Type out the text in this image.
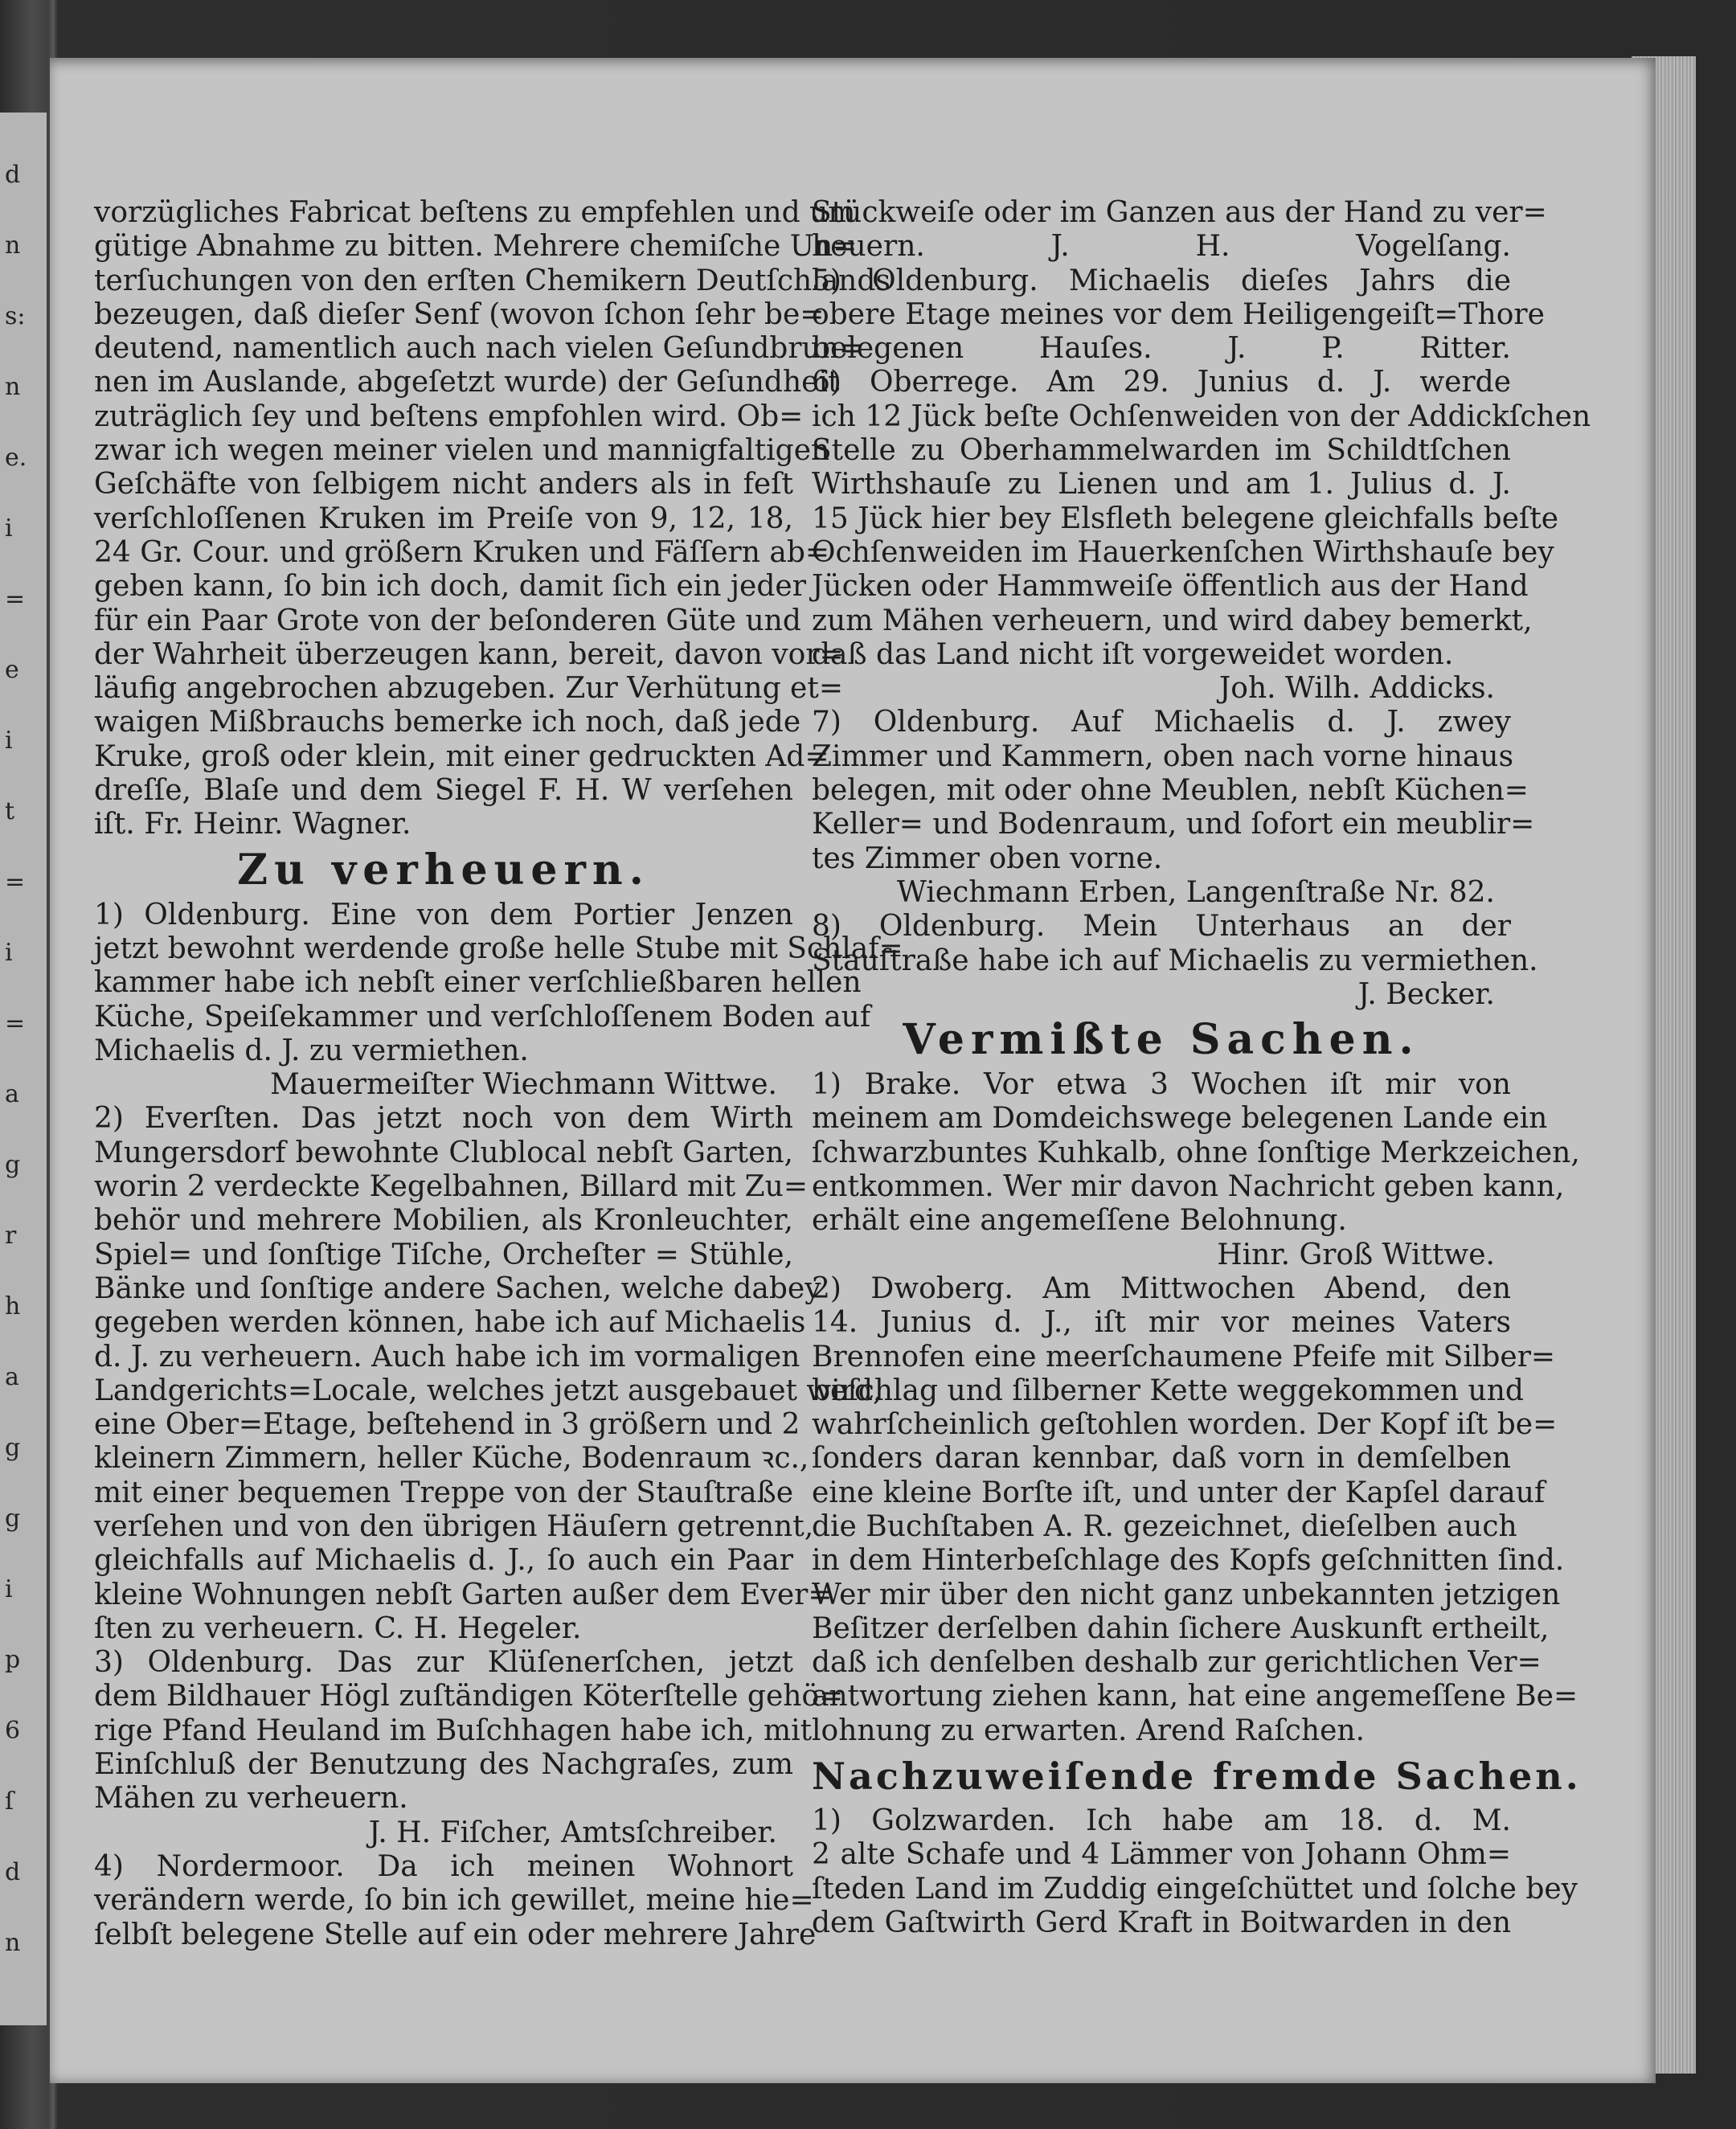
d
n
s:
n
e.
i
=
e
i
t
=
i
=
a
g
r
h
a
g
g
i
p
6
ſ
d
n
vorzügliches Fabricat beſtens zu empfehlen und um
gütige Abnahme zu bitten. Mehrere chemiſche Un=
terſuchungen von den erſten Chemikern Deutſchlands
bezeugen, daß dieſer Senf (wovon ſchon ſehr be=
deutend, namentlich auch nach vielen Geſundbrun=
nen im Auslande, abgeſetzt wurde) der Geſundheit
zuträglich ſey und beſtens empfohlen wird. Ob=
zwar ich wegen meiner vielen und mannigfaltigen
Geſchäfte von ſelbigem nicht anders als in feſt
verſchloſſenen Kruken im Preiſe von 9, 12, 18,
24 Gr. Cour. und größern Kruken und Fäſſern ab=
geben kann, ſo bin ich doch, damit ſich ein jeder
für ein Paar Grote von der beſonderen Güte und
der Wahrheit überzeugen kann, bereit, davon vor=
läufig angebrochen abzugeben. Zur Verhütung et=
waigen Mißbrauchs bemerke ich noch, daß jede
Kruke, groß oder klein, mit einer gedruckten Ad=
dreſſe, Blaſe und dem Siegel F. H. W verſehen
iſt. Fr. Heinr. Wagner.
Zu verheuern.
1) Oldenburg. Eine von dem Portier Jenzen
jetzt bewohnt werdende große helle Stube mit Schlaf=
kammer habe ich nebſt einer verſchließbaren hellen
Küche, Speiſekammer und verſchloſſenem Boden auf
Michaelis d. J. zu vermiethen.
Mauermeiſter Wiechmann Wittwe.
2) Everſten. Das jetzt noch von dem Wirth
Mungersdorf bewohnte Clublocal nebſt Garten,
worin 2 verdeckte Kegelbahnen, Billard mit Zu=
behör und mehrere Mobilien, als Kronleuchter,
Spiel= und ſonſtige Tiſche, Orcheſter = Stühle,
Bänke und ſonſtige andere Sachen, welche dabey
gegeben werden können, habe ich auf Michaelis
d. J. zu verheuern. Auch habe ich im vormaligen
Landgerichts=Locale, welches jetzt ausgebauet wird,
eine Ober=Etage, beſtehend in 3 größern und 2
kleinern Zimmern, heller Küche, Bodenraum ꝛc.,
mit einer bequemen Treppe von der Stauſtraße
verſehen und von den übrigen Häuſern getrennt,
gleichfalls auf Michaelis d. J., ſo auch ein Paar
kleine Wohnungen nebſt Garten außer dem Ever=
ſten zu verheuern. C. H. Hegeler.
3) Oldenburg. Das zur Klüſenerſchen, jetzt
dem Bildhauer Högl zuſtändigen Köterſtelle gehö=
rige Pfand Heuland im Buſchhagen habe ich, mit
Einſchluß der Benutzung des Nachgraſes, zum
Mähen zu verheuern.
J. H. Fiſcher, Amtsſchreiber.
4) Nordermoor. Da ich meinen Wohnort
verändern werde, ſo bin ich gewillet, meine hie=
ſelbſt belegene Stelle auf ein oder mehrere Jahre
Stückweiſe oder im Ganzen aus der Hand zu ver=
heuern. J. H. Vogelſang.
5) Oldenburg. Michaelis dieſes Jahrs die
obere Etage meines vor dem Heiligengeiſt=Thore
belegenen Hauſes. J. P. Ritter.
6) Oberrege. Am 29. Junius d. J. werde
ich 12 Jück beſte Ochſenweiden von der Addickſchen
Stelle zu Oberhammelwarden im Schildtſchen
Wirthshauſe zu Lienen und am 1. Julius d. J.
15 Jück hier bey Elsfleth belegene gleichfalls beſte
Ochſenweiden im Hauerkenſchen Wirthshauſe bey
Jücken oder Hammweiſe öffentlich aus der Hand
zum Mähen verheuern, und wird dabey bemerkt,
daß das Land nicht iſt vorgeweidet worden.
Joh. Wilh. Addicks.
7) Oldenburg. Auf Michaelis d. J. zwey
Zimmer und Kammern, oben nach vorne hinaus
belegen, mit oder ohne Meublen, nebſt Küchen=
Keller= und Bodenraum, und ſofort ein meublir=
tes Zimmer oben vorne.
Wiechmann Erben, Langenſtraße Nr. 82.
8) Oldenburg. Mein Unterhaus an der
Stauſtraße habe ich auf Michaelis zu vermiethen.
J. Becker.
Vermißte Sachen.
1) Brake. Vor etwa 3 Wochen iſt mir von
meinem am Domdeichswege belegenen Lande ein
ſchwarzbuntes Kuhkalb, ohne ſonſtige Merkzeichen,
entkommen. Wer mir davon Nachricht geben kann,
erhält eine angemeſſene Belohnung.
Hinr. Groß Wittwe.
2) Dwoberg. Am Mittwochen Abend, den
14. Junius d. J., iſt mir vor meines Vaters
Brennofen eine meerſchaumene Pfeife mit Silber=
beſchlag und ſilberner Kette weggekommen und
wahrſcheinlich geſtohlen worden. Der Kopf iſt be=
ſonders daran kennbar, daß vorn in demſelben
eine kleine Borſte iſt, und unter der Kapſel darauf
die Buchſtaben A. R. gezeichnet, dieſelben auch
in dem Hinterbeſchlage des Kopfs geſchnitten ſind.
Wer mir über den nicht ganz unbekannten jetzigen
Beſitzer derſelben dahin ſichere Auskunft ertheilt,
daß ich denſelben deshalb zur gerichtlichen Ver=
antwortung ziehen kann, hat eine angemeſſene Be=
lohnung zu erwarten. Arend Raſchen.
Nachzuweiſende fremde Sachen.
1) Golzwarden. Ich habe am 18. d. M.
2 alte Schafe und 4 Lämmer von Johann Ohm=
ſteden Land im Zuddig eingeſchüttet und ſolche bey
dem Gaſtwirth Gerd Kraft in Boitwarden in den
